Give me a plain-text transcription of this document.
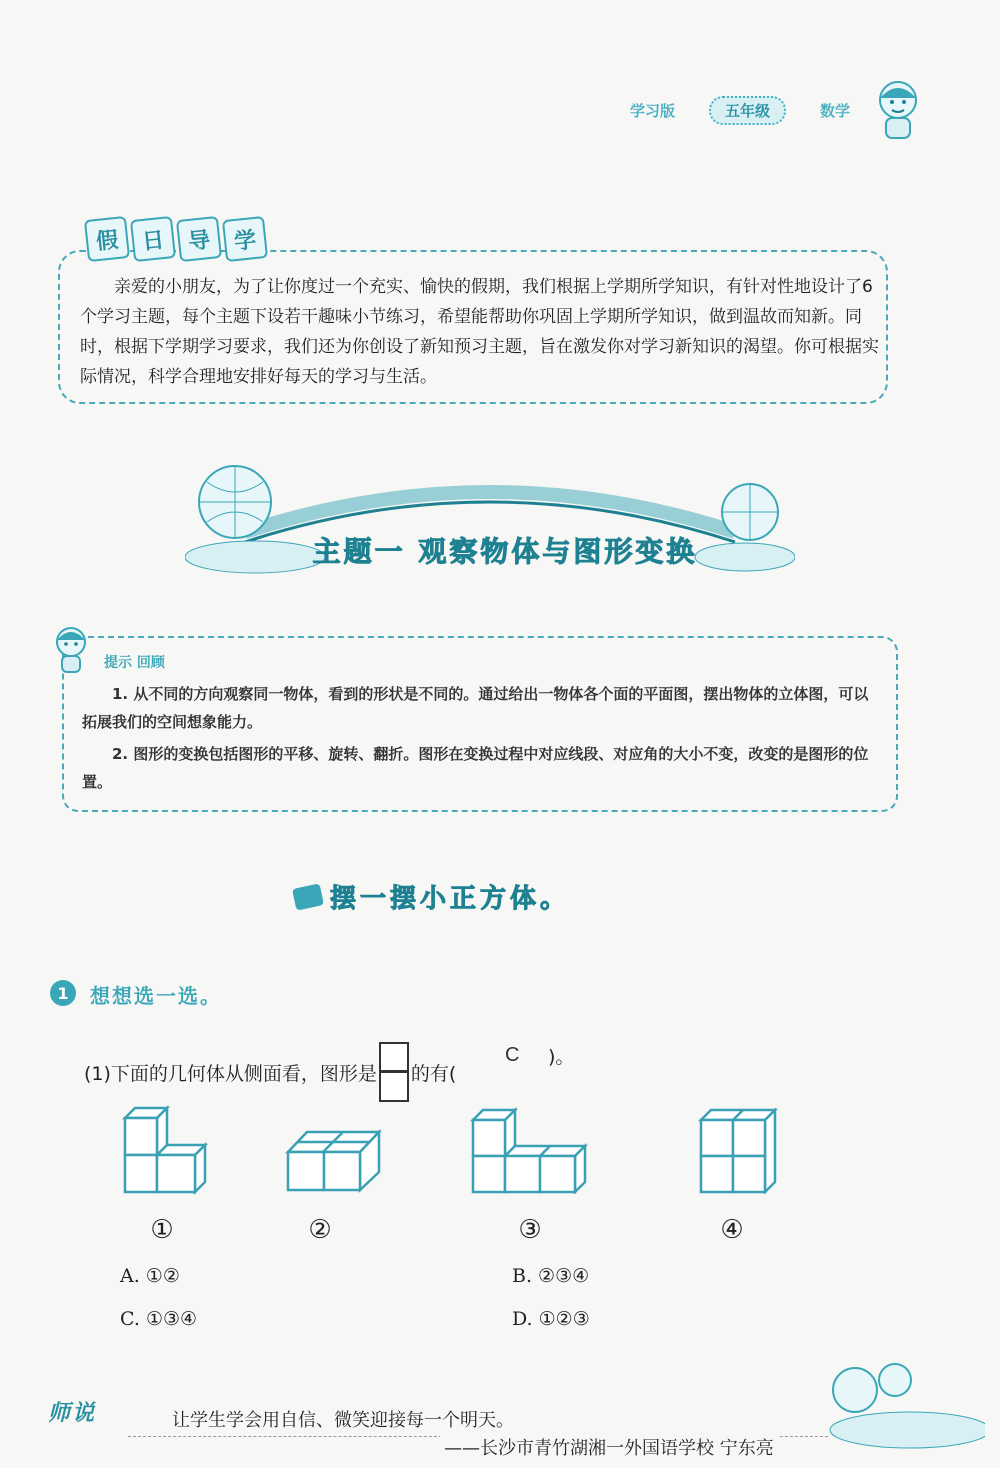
学习版	五年级	数学
假 日 导 学

亲爱的小朋友，为了让你度过一个充实、愉快的假期，我们根据上学期所学知识，有针对性地设计了6个学习主题，每个主题下设若干趣味小节练习，希望能帮助你巩固上学期所学知识，做到温故而知新。同时，根据下学期学习要求，我们还为你创设了新知预习主题，旨在激发你对学习新知识的渴望。你可根据实际情况，科学合理地安排好每天的学习与生活。

主题一 观察物体与图形变换
提示 回顾

1. 从不同的方向观察同一物体，看到的形状是不同的。通过给出一物体各个面的平面图，摆出物体的立体图，可以拓展我们的空间想象能力。

2. 图形的变换包括图形的平移、旋转、翻折。图形在变换过程中对应线段、对应角的大小不变，改变的是图形的位置。

摆一摆小正方体。
1	想想选一选。
(1)下面的几何体从侧面看，图形是 的有(
C )。
①	②	③	④
A. ①②	B. ②③④
C. ①③④	D. ①②③
师说	让学生学会用自信、微笑迎接每一个明天。
——长沙市青竹湖湘一外国语学校 宁东亮
